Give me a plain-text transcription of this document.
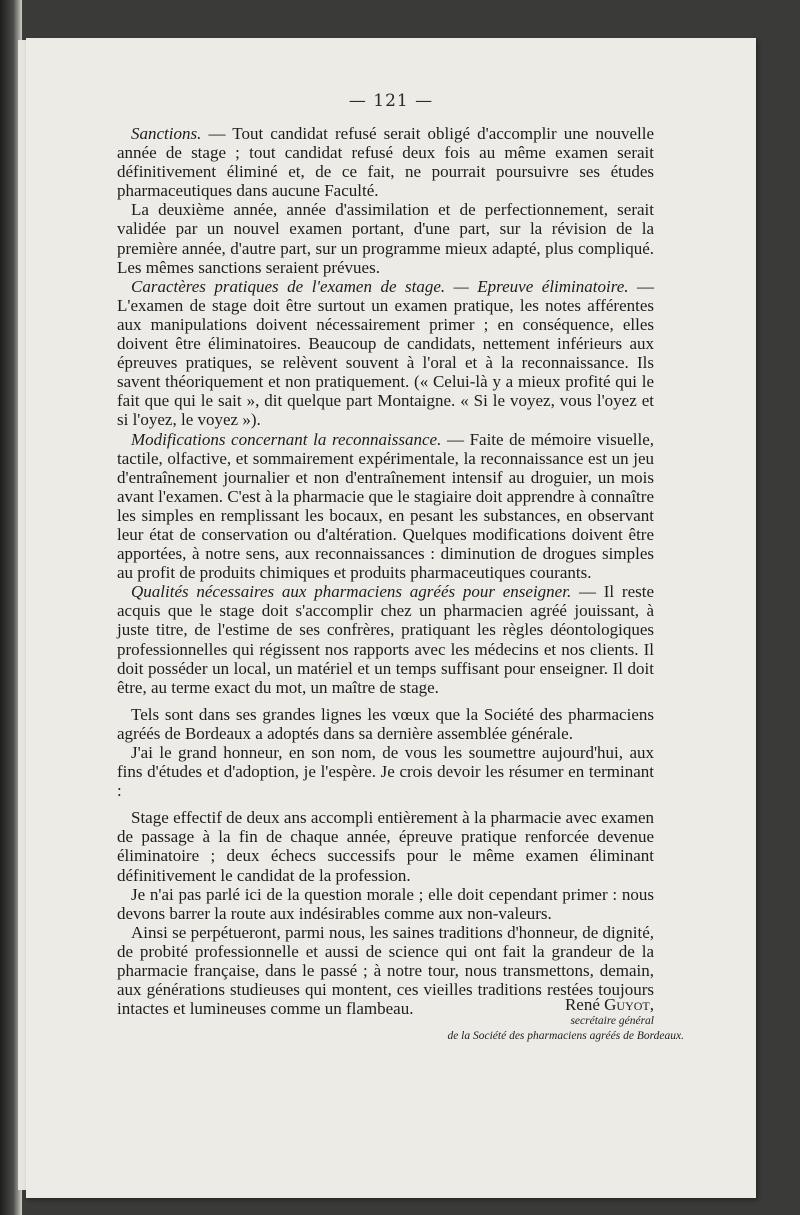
— 121 —

Sanctions. — Tout candidat refusé serait obligé d'accomplir une nouvelle année de stage ; tout candidat refusé deux fois au même examen serait définitivement éliminé et, de ce fait, ne pourrait poursuivre ses études pharmaceutiques dans aucune Faculté.

La deuxième année, année d'assimilation et de perfectionnement, serait validée par un nouvel examen portant, d'une part, sur la révision de la première année, d'autre part, sur un programme mieux adapté, plus compliqué. Les mêmes sanctions seraient prévues.

Caractères pratiques de l'examen de stage. — Epreuve éliminatoire. — L'examen de stage doit être surtout un examen pratique, les notes afférentes aux manipulations doivent nécessairement primer ; en conséquence, elles doivent être éliminatoires. Beaucoup de candidats, nettement inférieurs aux épreuves pratiques, se relèvent souvent à l'oral et à la reconnaissance. Ils savent théoriquement et non pratiquement. (« Celui-là y a mieux profité qui le fait que qui le sait », dit quelque part Montaigne. « Si le voyez, vous l'oyez et si l'oyez, le voyez »).

Modifications concernant la reconnaissance. — Faite de mémoire visuelle, tactile, olfactive, et sommairement expérimentale, la reconnaissance est un jeu d'entraînement journalier et non d'entraînement intensif au droguier, un mois avant l'examen. C'est à la pharmacie que le stagiaire doit apprendre à connaître les simples en remplissant les bocaux, en pesant les substances, en observant leur état de conservation ou d'altération. Quelques modifications doivent être apportées, à notre sens, aux reconnaissances : diminution de drogues simples au profit de produits chimiques et produits pharmaceutiques courants.

Qualités nécessaires aux pharmaciens agréés pour enseigner. — Il reste acquis que le stage doit s'accomplir chez un pharmacien agréé jouissant, à juste titre, de l'estime de ses confrères, pratiquant les règles déontologiques professionnelles qui régissent nos rapports avec les médecins et nos clients. Il doit posséder un local, un matériel et un temps suffisant pour enseigner. Il doit être, au terme exact du mot, un maître de stage.

Tels sont dans ses grandes lignes les vœux que la Société des pharmaciens agréés de Bordeaux a adoptés dans sa dernière assemblée générale.

J'ai le grand honneur, en son nom, de vous les soumettre aujourd'hui, aux fins d'études et d'adoption, je l'espère. Je crois devoir les résumer en terminant :

Stage effectif de deux ans accompli entièrement à la pharmacie avec examen de passage à la fin de chaque année, épreuve pratique renforcée devenue éliminatoire ; deux échecs successifs pour le même examen éliminant définitivement le candidat de la profession.

Je n'ai pas parlé ici de la question morale ; elle doit cependant primer : nous devons barrer la route aux indésirables comme aux non-valeurs.

Ainsi se perpétueront, parmi nous, les saines traditions d'honneur, de dignité, de probité professionnelle et aussi de science qui ont fait la grandeur de la pharmacie française, dans le passé ; à notre tour, nous transmettons, demain, aux générations studieuses qui montent, ces vieilles traditions restées toujours intactes et lumineuses comme un flambeau.	René Guyot,
secrétaire général
de la Société des pharmaciens agréés de Bordeaux.
